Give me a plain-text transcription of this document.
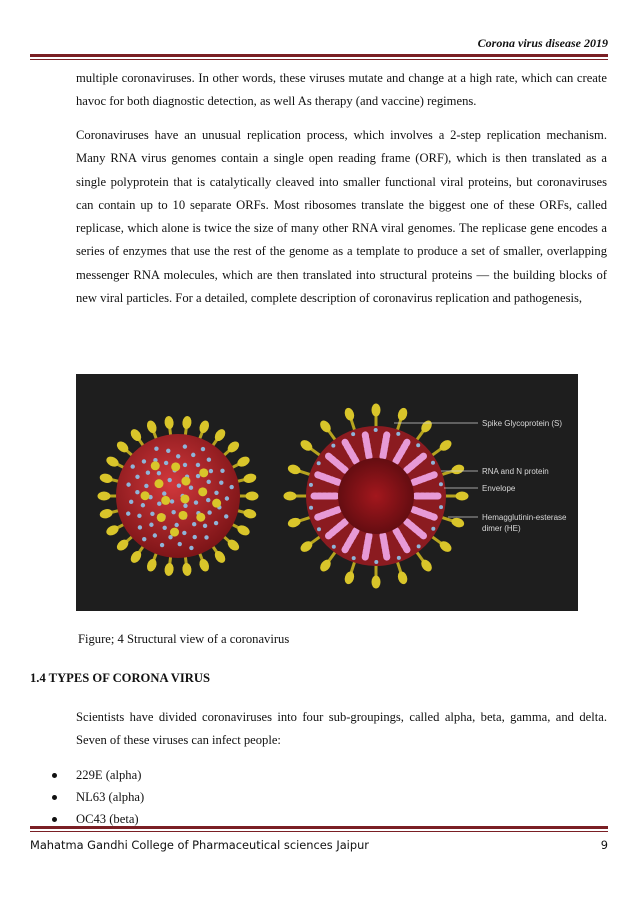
Corona virus disease 2019

multiple coronaviruses. In other words, these viruses mutate and change at a high rate, which can create havoc for both diagnostic detection, as well As therapy (and vaccine) regimens.

Coronaviruses have an unusual replication process, which involves a 2-step replication mechanism. Many RNA virus genomes contain a single open reading frame (ORF), which is then translated as a single polyprotein that is catalytically cleaved into smaller functional viral proteins, but coronaviruses can contain up to 10 separate ORFs. Most ribosomes translate the biggest one of these ORFs, called replicase, which alone is twice the size of many other RNA viral genomes. The replicase gene encodes a series of enzymes that use the rest of the genome as a template to produce a set of smaller, overlapping messenger RNA molecules, which are then translated into structural proteins — the building blocks of new viral particles. For a detailed, complete description of coronavirus replication and pathogenesis,

Spike Glycoprotein (S)
RNA and N protein
Envelope
Hemagglutinin-esterase
dimer (HE)
Figure; 4 Structural view of a coronavirus
1.4 TYPES OF CORONA VIRUS

Scientists have divided coronaviruses into four sub-groupings, called alpha, beta, gamma, and delta. Seven of these viruses can infect people:

229E (alpha)
NL63 (alpha)
OC43 (beta)
Mahatma Gandhi College of Pharmaceutical sciences Jaipur	9
